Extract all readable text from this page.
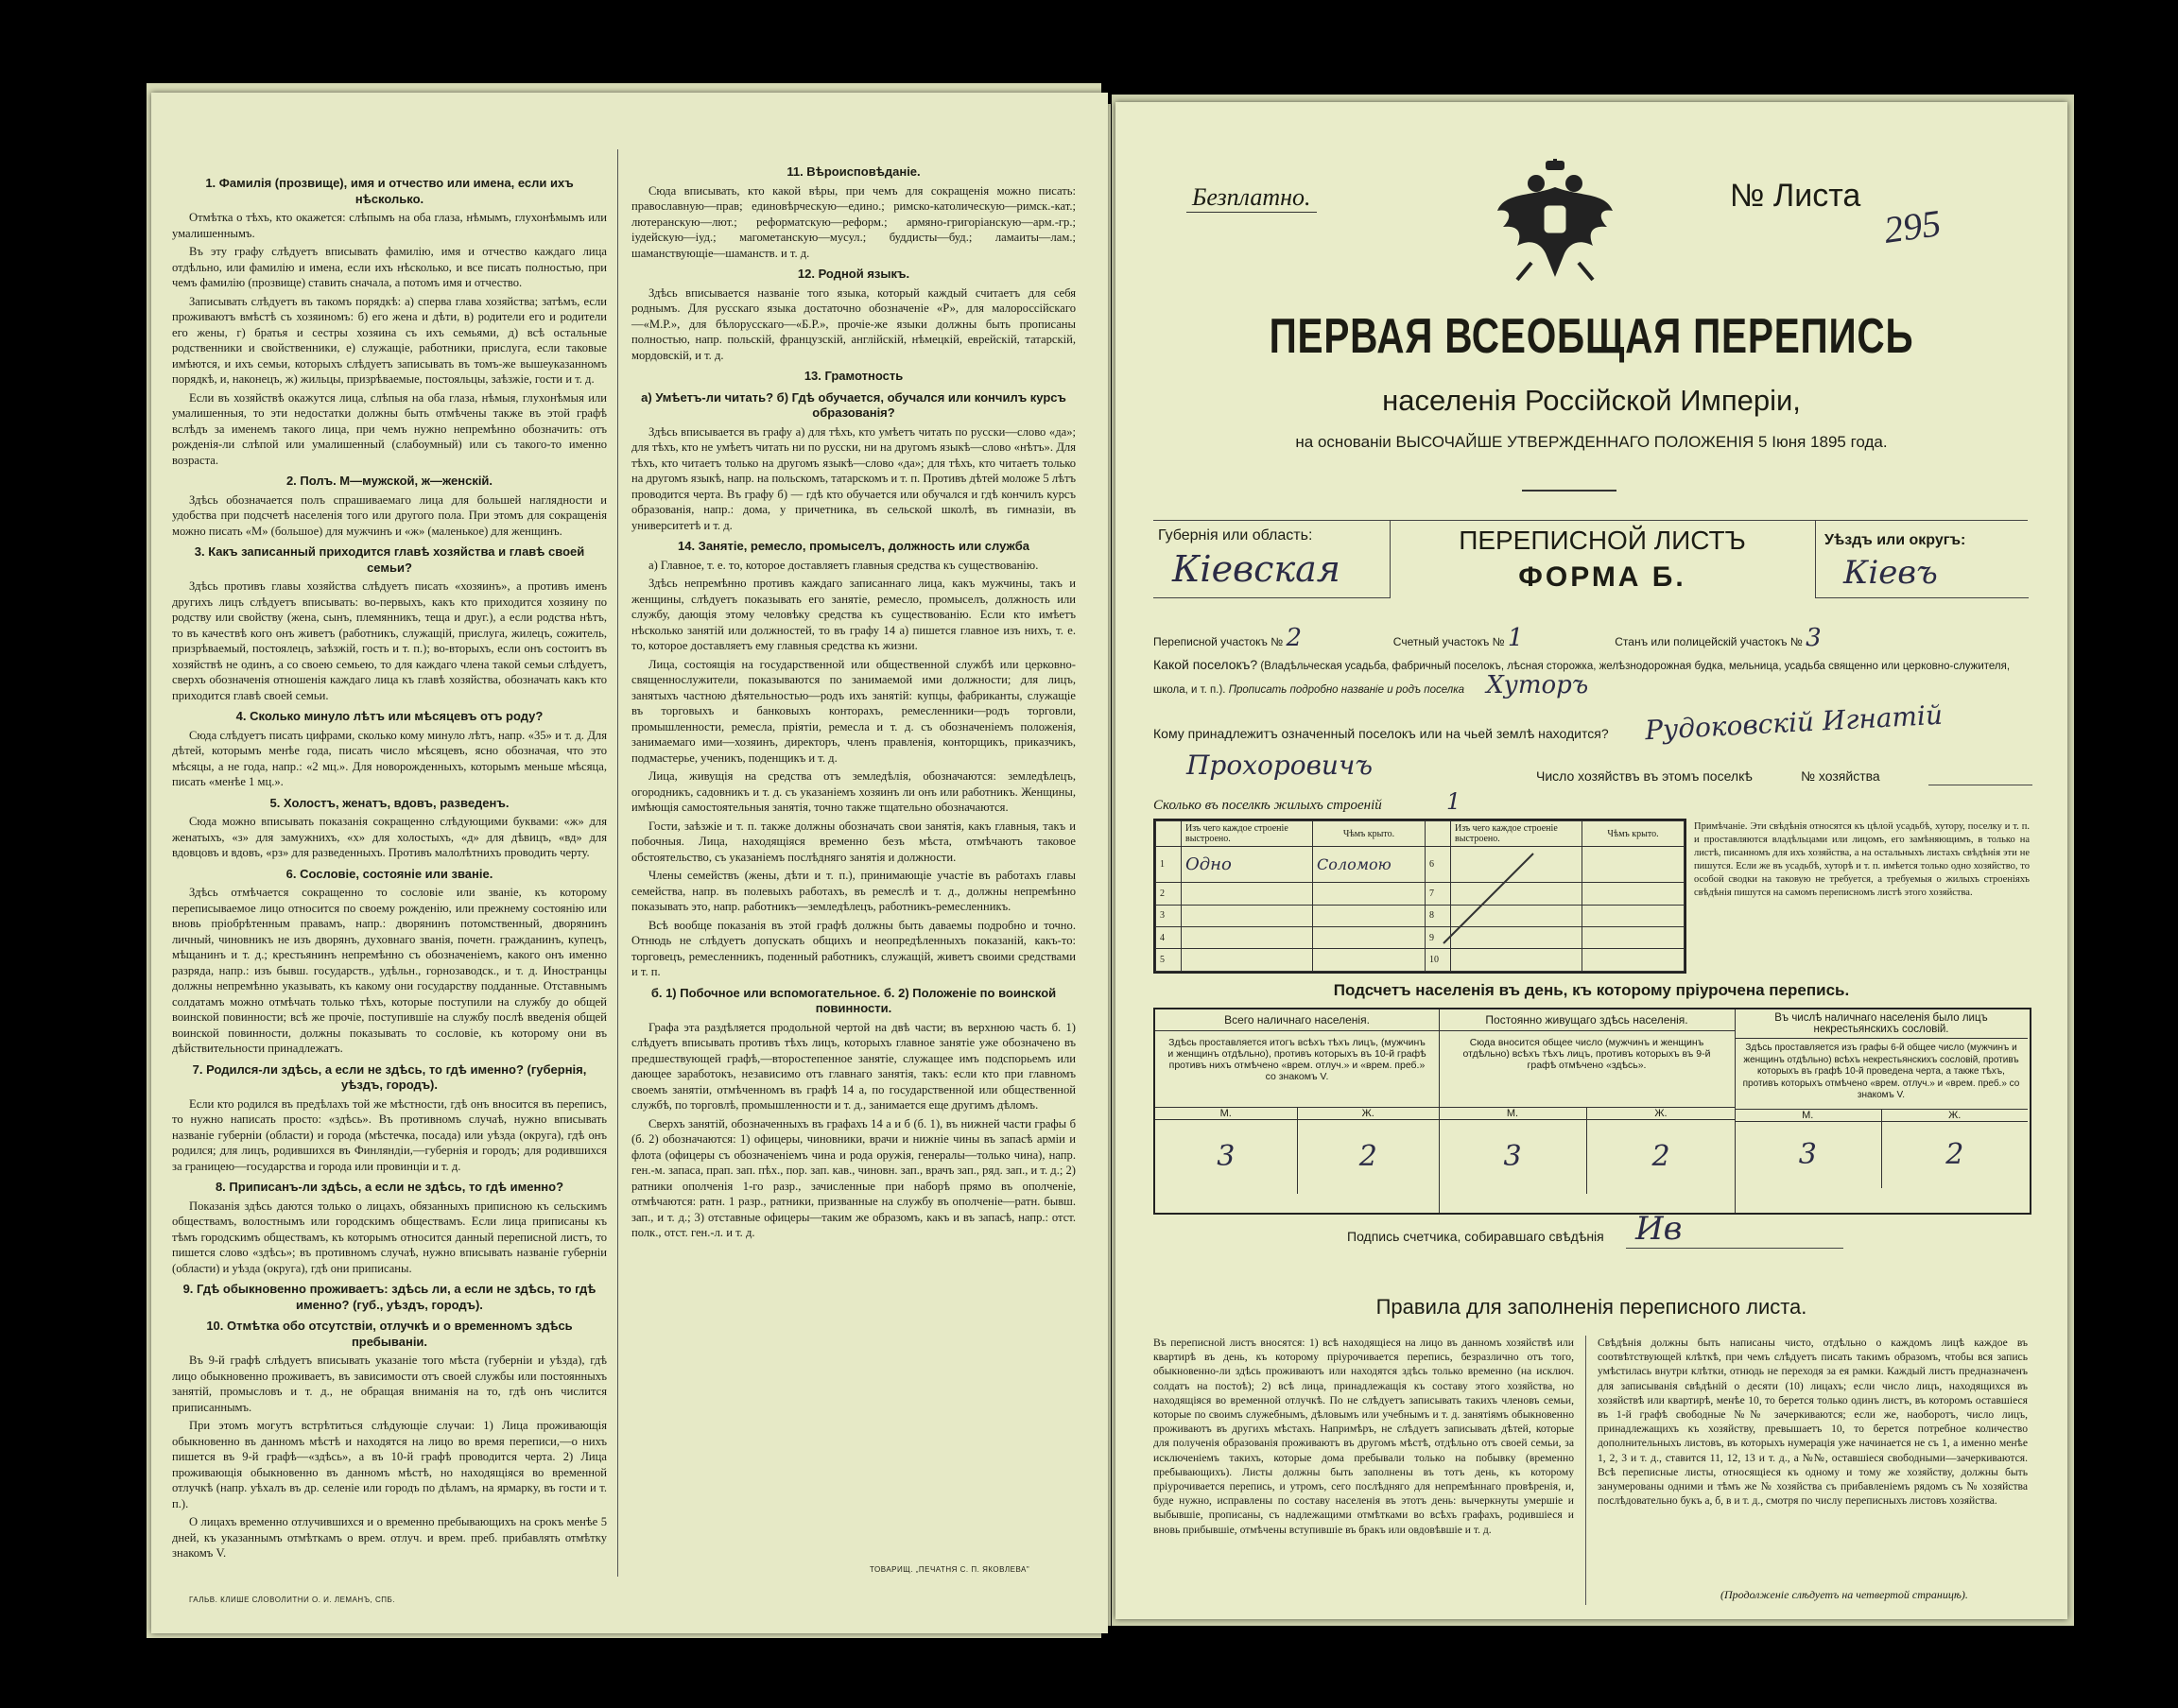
1. Фамилія (прозвище), имя и отчество или имена, если ихъ нѣсколько.
Отмѣтка о тѣхъ, кто окажется: слѣпымъ на оба глаза, нѣмымъ, глухонѣмымъ или умалишеннымъ.
Въ эту графу слѣдуетъ вписывать фамилію, имя и отчество каждаго лица отдѣльно, или фамилію и имена, если ихъ нѣсколько, и все писать полностью, при чемъ фамилію (прозвище) ставить сначала, а потомъ имя и отчество.
Записывать слѣдуетъ въ такомъ порядкѣ: а) сперва глава хозяйства; затѣмъ, если проживаютъ вмѣстѣ съ хозяиномъ: б) его жена и дѣти, в) родители его и родители его жены, г) братья и сестры хозяина съ ихъ семьями, д) всѣ остальные родственники и свойственники, е) служащіе, работники, прислуга, если таковые имѣются, и ихъ семьи, которыхъ слѣдуетъ записывать въ томъ-же вышеуказанномъ порядкѣ, и, наконецъ, ж) жильцы, призрѣваемые, постояльцы, заѣзжіе, гости и т. д.
Если въ хозяйствѣ окажутся лица, слѣпыя на оба глаза, нѣмыя, глухонѣмыя или умалишенныя, то эти недостатки должны быть отмѣчены также въ этой графѣ вслѣдъ за именемъ такого лица, при чемъ нужно непремѣнно обозначить: отъ рожденія-ли слѣпой или умалишенный (слабоумный) или съ такого-то именно возраста.
2. Полъ. М—мужской, ж—женскій.
Здѣсь обозначается полъ спрашиваемаго лица для большей наглядности и удобства при подсчетѣ населенія того или другого пола. При этомъ для сокращенія можно писать «М» (большое) для мужчинъ и «ж» (маленькое) для женщинъ.
3. Какъ записанный приходится главѣ хозяйства и главѣ своей семьи?
Здѣсь противъ главы хозяйства слѣдуетъ писать «хозяинъ», а противъ именъ другихъ лицъ слѣдуетъ вписывать: во-первыхъ, какъ кто приходится хозяину по родству или свойству (жена, сынъ, племянникъ, теща и друг.), а если родства нѣтъ, то въ качествѣ кого онъ живетъ (работникъ, служащій, прислуга, жилецъ, сожитель, призрѣваемый, постоялецъ, заѣзжій, гость и т. п.); во-вторыхъ, если онъ состоитъ въ хозяйствѣ не одинъ, а со своею семьею, то для каждаго члена такой семьи слѣдуетъ, сверхъ обозначенія отношенія каждаго лица къ главѣ хозяйства, обозначать какъ кто приходится главѣ своей семьи.
4. Сколько минуло лѣтъ или мѣсяцевъ отъ роду?
Сюда слѣдуетъ писать цифрами, сколько кому минуло лѣтъ, напр. «35» и т. д. Для дѣтей, которымъ менѣе года, писать число мѣсяцевъ, ясно обозначая, что это мѣсяцы, а не года, напр.: «2 мц.». Для новорожденныхъ, которымъ меньше мѣсяца, писать «менѣе 1 мц.».
5. Холостъ, женатъ, вдовъ, разведенъ.
Сюда можно вписывать показанія сокращенно слѣдующими буквами: «ж» для женатыхъ, «з» для замужнихъ, «х» для холостыхъ, «д» для дѣвицъ, «вд» для вдовцовъ и вдовъ, «рз» для разведенныхъ. Противъ малолѣтнихъ проводить черту.
6. Сословіе, состояніе или званіе.
Здѣсь отмѣчается сокращенно то сословіе или званіе, къ которому переписываемое лицо относится по своему рожденію, или прежнему состоянію или вновь пріобрѣтенным правамъ, напр.: дворянинъ потомственный, дворянинъ личный, чиновникъ не изъ дворянъ, духовнаго званія, почетн. гражданинъ, купецъ, мѣщанинъ и т. д.; крестьянинъ непремѣнно съ обозначеніемъ, какого онъ именно разряда, напр.: изъ бывш. государств., удѣльн., горнозаводск., и т. д. Иностранцы должны непремѣнно указывать, къ какому они государству подданные. Отставнымъ солдатамъ можно отмѣчать только тѣхъ, которые поступили на службу до общей воинской повинности; всѣ же прочіе, поступившіе на службу послѣ введенія общей воинской повинности, должны показывать то сословіе, къ которому они въ дѣйствительности принадлежатъ.
7. Родился-ли здѣсь, а если не здѣсь, то гдѣ именно? (губернія, уѣздъ, городъ).
Если кто родился въ предѣлахъ той же мѣстности, гдѣ онъ вносится въ переписъ, то нужно написать просто: «здѣсь». Въ противномъ случаѣ, нужно вписывать названіе губерніи (области) и города (мѣстечка, посада) или уѣзда (округа), гдѣ онъ родился; для лицъ, родившихся въ Финляндіи,—губернія и городъ; для родившихся за границею—государства и города или провинціи и т. д.
8. Приписанъ-ли здѣсь, а если не здѣсь, то гдѣ именно?
Показанія здѣсь даются только о лицахъ, обязанныхъ приписною къ сельскимъ обществамъ, волостнымъ или городскимъ обществамъ. Если лица приписаны къ тѣмъ городскимъ обществамъ, къ которымъ относится данный переписной листъ, то пишется слово «здѣсь»; въ противномъ случаѣ, нужно вписывать названіе губерніи (области) и уѣзда (округа), гдѣ они приписаны.
9. Гдѣ обыкновенно проживаетъ: здѣсь ли, а если не здѣсь, то гдѣ именно? (губ., уѣздъ, городъ).
10. Отмѣтка обо отсутствіи, отлучкѣ и о временномъ здѣсь пребываніи.
Въ 9-й графѣ слѣдуетъ вписывать указаніе того мѣста (губерніи и уѣзда), гдѣ лицо обыкновенно проживаетъ, въ зависимости отъ своей службы или постоянныхъ занятій, промысловъ и т. д., не обращая вниманія на то, гдѣ онъ числится приписаннымъ.
При этомъ могутъ встрѣтиться слѣдующіе случаи: 1) Лица проживающія обыкновенно въ данномъ мѣстѣ и находятся на лицо во время переписи,—о нихъ пишется въ 9-й графѣ—«здѣсь», а въ 10-й графѣ проводится черта. 2) Лица проживающія обыкновенно въ данномъ мѣстѣ, но находящіяся во временной отлучкѣ (напр. уѣхалъ въ др. селеніе или городъ по дѣламъ, на ярмарку, въ гости и т. п.).
О лицахъ временно отлучившихся и о временно пребывающихъ на срокъ менѣе 5 дней, къ указаннымъ отмѣткамъ о врем. отлуч. и врем. преб. прибавлять отмѣтку знакомъ V.
11. Вѣроисповѣданіе.
Сюда вписывать, кто какой вѣры, при чемъ для сокращенія можно писать: православную—прав; единовѣрческую—едино.; римско-католическую—римск.-кат.; лютеранскую—лют.; реформатскую—реформ.; армяно-григоріанскую—арм.-гр.; іудейскую—іуд.; магометанскую—мусул.; буддисты—буд.; ламаиты—лам.; шаманствующіе—шаманств. и т. д.
12. Родной языкъ.
Здѣсь вписывается названіе того языка, который каждый считаетъ для себя роднымъ. Для русскаго языка достаточно обозначеніе «Р», для малороссійскаго—«М.Р.», для бѣлорусскаго—«Б.Р.», прочіе-же языки должны быть прописаны полностью, напр. польскій, французскій, англійскій, нѣмецкій, еврейскій, татарскій, мордовскій, и т. д.
13. Грамотность
а) Умѣетъ-ли читать? б) Гдѣ обучается, обучался или кончилъ курсъ образованія?
Здѣсь вписывается въ графу а) для тѣхъ, кто умѣетъ читать по русски—слово «да»; для тѣхъ, кто не умѣетъ читать ни по русски, ни на другомъ языкѣ—слово «нѣтъ». Для тѣхъ, кто читаетъ только на другомъ языкѣ—слово «да»; для тѣхъ, кто читаетъ только на другомъ языкѣ, напр. на польскомъ, татарскомъ и т. п. Противъ дѣтей моложе 5 лѣтъ проводится черта. Въ графу б) — гдѣ кто обучается или обучался и гдѣ кончилъ курсъ образованія, напр.: дома, у причетника, въ сельской школѣ, въ гимназіи, въ университетѣ и т. д.
14. Занятіе, ремесло, промыселъ, должность или служба
а) Главное, т. е. то, которое доставляетъ главныя средства къ существованію.
Здѣсь непремѣнно противъ каждаго записаннаго лица, какъ мужчины, такъ и женщины, слѣдуетъ показывать его занятіе, ремесло, промыселъ, должность или службу, дающія этому человѣку средства къ существованію. Если кто имѣетъ нѣсколько занятій или должностей, то въ графу 14 а) пишется главное изъ нихъ, т. е. то, которое доставляетъ ему главныя средства къ жизни.
Лица, состоящія на государственной или общественной службѣ или церковно-священнослужители, показываются по занимаемой ими должности; для лицъ, занятыхъ частною дѣятельностью—родъ ихъ занятій: купцы, фабриканты, служащіе въ торговыхъ и банковыхъ конторахъ, ремесленники—родъ торговли, промышленности, ремесла, пріятіи, ремесла и т. д. съ обозначеніемъ положенія, занимаемаго ими—хозяинъ, директоръ, членъ правленія, конторщикъ, приказчикъ, подмастерье, ученикъ, поденщикъ и т. д.
Лица, живущія на средства отъ земледѣлія, обозначаются: земледѣлецъ, огородникъ, садовникъ и т. д. съ указаніемъ хозяинъ ли онъ или работникъ. Женщины, имѣющія самостоятельныя занятія, точно также тщательно обозначаются.
Гости, заѣзжіе и т. п. также должны обозначать свои занятія, какъ главныя, такъ и побочныя. Лица, находящіяся временно безъ мѣста, отмѣчаютъ таковое обстоятельство, съ указаніемъ послѣдняго занятія и должности.
Члены семействъ (жены, дѣти и т. п.), принимающіе участіе въ работахъ главы семейства, напр. въ полевыхъ работахъ, въ ремеслѣ и т. д., должны непремѣнно показывать это, напр. работникъ—земледѣлецъ, работникъ-ремесленникъ.
Всѣ вообще показанія въ этой графѣ должны быть даваемы подробно и точно. Отнюдь не слѣдуетъ допускать общихъ и неопредѣленныхъ показаній, какъ-то: торговецъ, ремесленникъ, поденный работникъ, служащій, живетъ своими средствами и т. п.
б. 1) Побочное или вспомогательное. б. 2) Положеніе по воинской повинности.
Графа эта раздѣляется продольной чертой на двѣ части; въ верхнюю часть б. 1) слѣдуетъ вписывать противъ тѣхъ лицъ, которыхъ главное занятіе уже обозначено въ предшествующей графѣ,—второстепенное занятіе, служащее имъ подспорьемъ или дающее заработокъ, независимо отъ главнаго занятія, такъ: если кто при главномъ своемъ занятіи, отмѣченномъ въ графѣ 14 а, по государственной или общественной службѣ, по торговлѣ, промышленности и т. д., занимается еще другимъ дѣломъ.
Сверхъ занятій, обозначенныхъ въ графахъ 14 а и б (б. 1), въ нижней части графы б (б. 2) обозначаются: 1) офицеры, чиновники, врачи и нижніе чины въ запасѣ арміи и флота (офицеры съ обозначеніемъ чина и рода оружія, генералы—только чина), напр. ген.-м. запаса, прап. зап. пѣх., пор. зап. кав., чиновн. зап., врачъ зап., ряд. зап., и т. д.; 2) ратники ополченія 1-го разр., зачисленные при наборѣ прямо въ ополченіе, отмѣчаются: ратн. 1 разр., ратники, призванные на службу въ ополченіе—ратн. бывш. зап., и т. д.; 3) отставные офицеры—таким же образомъ, какъ и въ запасѣ, напр.: отст. полк., отст. ген.-л. и т. д.
ГАЛЬВ. КЛИШЕ СЛОВОЛИТНИ О. И. ЛЕМАНЪ, СПБ.
ТОВАРИЩ. „ПЕЧАТНЯ С. П. ЯКОВЛЕВА"
Безплатно.	№ Листа
295
ПЕРВАЯ ВСЕОБЩАЯ ПЕРЕПИСЬ
населенія Россійской Имперіи,
на основаніи ВЫСОЧАЙШЕ УТВЕРЖДЕННАГО ПОЛОЖЕНІЯ 5 Іюня 1895 года.
Губернія или область:
Кіевская
ПЕРЕПИСНОЙ ЛИСТЪ
ФОРМА Б.
Уѣздъ или округъ:
Кіевъ
Переписной участокъ № 2	Счетный участокъ № 1	Станъ или полицейскій участокъ № 3
Какой поселокъ? (Владѣльческая усадьба, фабричный поселокъ, лѣсная сторожка, желѣзнодорожная будка, мельница, усадьба священно или церковно-служителя, школа, и т. п.). Прописать подробно названіе и родъ поселка Хуторъ
Кому принадлежитъ означенный поселокъ или на чьей землѣ находится? Рудоковскій Игнатій
Прохоровичъ	Число хозяйствъ въ этомъ поселкѣ	№ хозяйства
Сколько въ поселкѣ жилыхъ строеній	1
	Изъ чего каждое строеніе выстроено.	Чѣмъ крыто.		Изъ чего каждое строеніе выстроено.	Чѣмъ крыто.
1	Одно	Соломою	6		
2			7		
3			8		
4			9		
5			10		
Примѣчаніе. Эти свѣдѣнія относятся къ цѣлой усадьбѣ, хутору, поселку и т. п. и проставляются владѣльцами или лицомъ, его замѣняющимъ, в только на листѣ, писанномъ для ихъ хозяйства, а на остальныхъ листахъ свѣдѣнія эти не пишутся. Если же въ усадьбѣ, хуторѣ и т. п. имѣется только одно хозяйство, то особой сводки на таковую не требуется, а требуемыя о жилыхъ строеніяхъ свѣдѣнія пишутся на самомъ переписномъ листѣ этого хозяйства.
Подсчетъ населенія въ день, къ которому пріурочена перепись.
Всего наличнаго населенія.
Здѣсь проставляется итогъ всѣхъ тѣхъ лицъ, (мужчинъ и женщинъ отдѣльно), противъ которыхъ въ 10-й графѣ противъ нихъ отмѣчено «врем. отлуч.» и «врем. преб.» со знакомъ V.
М.	Ж.
3	2
Постоянно живущаго здѣсь населенія.
Сюда вносится общее число (мужчинъ и женщинъ отдѣльно) всѣхъ тѣхъ лицъ, противъ которыхъ въ 9-й графѣ отмѣчено «здѣсь».
М.	Ж.
3	2
Въ числѣ наличнаго населенія было лицъ некрестьянскихъ сословій.
Здѣсь проставляется изъ графы 6-й общее число (мужчинъ и женщинъ отдѣльно) всѣхъ некрестьянскихъ сословій, противъ которыхъ въ графѣ 10-й проведена черта, а также тѣхъ, противъ которыхъ отмѣчено «врем. отлуч.» и «врем. преб.» со знакомъ V.
М.	Ж.
3	2
Подпись счетчика, собиравшаго свѣдѣнія Ив
Правила для заполненія переписного листа.
Въ переписной листъ вносятся: 1) всѣ находящіеся на лицо въ данномъ хозяйствѣ или квартирѣ въ день, къ которому пріурочивается перепись, безразлично отъ того, обыкновенно-ли здѣсь проживаютъ или находятся здѣсь только временно (на исключ. солдатъ на постоѣ); 2) всѣ лица, принадлежащія къ составу этого хозяйства, но находящіяся во временной отлучкѣ. По не слѣдуетъ записывать такихъ членовъ семьи, которые по своимъ служебнымъ, дѣловымъ или учебнымъ и т. д. занятіямъ обыкновенно проживаютъ въ другихъ мѣстахъ. Напримѣръ, не слѣдуетъ записывать дѣтей, которые для полученія образованія проживаютъ въ другомъ мѣстѣ, отдѣльно отъ своей семьи, за исключеніемъ такихъ, которые дома пребывали только на побывку (временно пребывающихъ). Листы должны быть заполнены въ тотъ день, къ которому пріурочивается перепись, и утромъ, сего послѣдняго для непремѣннаго провѣренія, и, буде нужно, исправлены по составу населенія въ этотъ день: вычеркнуты умершіе и выбывшіе, прописаны, съ надлежащими отмѣтками во всѣхъ графахъ, родившіеся и вновь прибывшіе, отмѣчены вступившіе въ бракъ или овдовѣвшіе и т. д.
Свѣдѣнія должны быть написаны чисто, отдѣльно о каждомъ лицѣ каждое въ соотвѣтствующей клѣткѣ, при чемъ слѣдуетъ писать такимъ образомъ, чтобы вся запись умѣстилась внутри клѣтки, отнюдь не переходя за ея рамки. Каждый листъ предназначенъ для записыванія свѣдѣній о десяти (10) лицахъ; если число лицъ, находящихся въ хозяйствѣ или квартирѣ, менѣе 10, то берется только одинъ листъ, въ которомъ оставшіеся въ 1-й графѣ свободные №№ зачеркиваются; если же, наоборотъ, число лицъ, принадлежащихъ къ хозяйству, превышаетъ 10, то берется потребное количество дополнительныхъ листовъ, въ которыхъ нумерація уже начинается не съ 1, а именно менѣе 1, 2, 3 и т. д., ставится 11, 12, 13 и т. д., а №№, оставшіеся свободными—зачеркиваются. Всѣ переписные листы, относящіеся къ одному и тому же хозяйству, должны быть занумерованы одними и тѣмъ же № хозяйства съ прибавленіемъ рядомъ съ № хозяйства послѣдовательно букъ а, б, в и т. д., смотря по числу переписныхъ листовъ хозяйства.
(Продолженіе слѣдуетъ на четвертой страницѣ).
